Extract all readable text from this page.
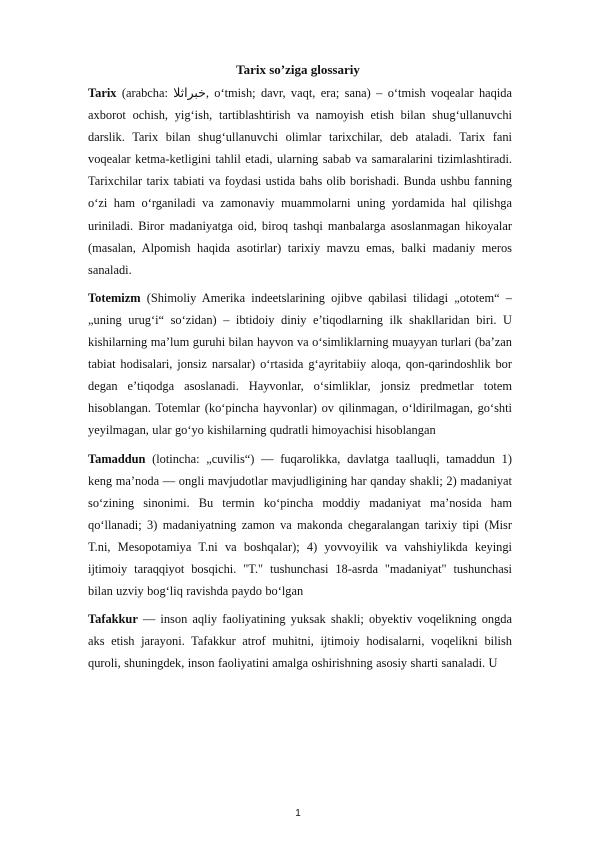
Tarix so’ziga glossariy

Tarix (arabcha: خبراثلا, o‘tmish; davr, vaqt, era; sana) – o‘tmish voqealar haqida axborot ochish, yig‘ish, tartiblashtirish va namoyish etish bilan shug‘ullanuvchi darslik. Tarix bilan shug‘ullanuvchi olimlar tarixchilar, deb ataladi. Tarix fani voqealar ketma-ketligini tahlil etadi, ularning sabab va samaralarini tizimlashtiradi. Tarixchilar tarix tabiati va foydasi ustida bahs olib borishadi. Bunda ushbu fanning o‘zi ham o‘rganiladi va zamonaviy muammolarni uning yordamida hal qilishga uriniladi. Biror madaniyatga oid, biroq tashqi manbalarga asoslanmagan hikoyalar (masalan, Alpomish haqida asotirlar) tarixiy mavzu emas, balki madaniy meros sanaladi.

Totemizm (Shimoliy Amerika indeetslarining ojibve qabilasi tilidagi „ototem“ – „uning urug‘i“ so‘zidan) – ibtidoiy diniy e’tiqodlarning ilk shakllaridan biri. U kishilarning ma’lum guruhi bilan hayvon va o‘simliklarning muayyan turlari (ba’zan tabiat hodisalari, jonsiz narsalar) o‘rtasida g‘ayritabiiy aloqa, qon-qarindoshlik bor degan e’tiqodga asoslanadi. Hayvonlar, o‘simliklar, jonsiz predmetlar totem hisoblangan. Totemlar (ko‘pincha hayvonlar) ov qilinmagan, o‘ldirilmagan, go‘shti yeyilmagan, ular go‘yo kishilarning qudratli himoyachisi hisoblangan

Tamaddun (lotincha: „cuvilis“) — fuqarolikka, davlatga taalluqli, tamaddun 1) keng ma’noda — ongli mavjudotlar mavjudligining har qanday shakli; 2) madaniyat so‘zining sinonimi. Bu termin ko‘pincha moddiy madaniyat ma’nosida ham qo‘llanadi; 3) madaniyatning zamon va makonda chegaralangan tarixiy tipi (Misr T.ni, Mesopotamiya T.ni va boshqalar); 4) yovvoyilik va vahshiylikda keyingi ijtimoiy taraqqiyot bosqichi. "T." tushunchasi 18-asrda "madaniyat" tushunchasi bilan uzviy bog‘liq ravishda paydo bo‘lgan

Tafakkur — inson aqliy faoliyatining yuksak shakli; obyektiv voqelikning ongda aks etish jarayoni. Tafakkur atrof muhitni, ijtimoiy hodisalarni, voqelikni bilish quroli, shuningdek, inson faoliyatini amalga oshirishning asosiy sharti sanaladi. U

1
